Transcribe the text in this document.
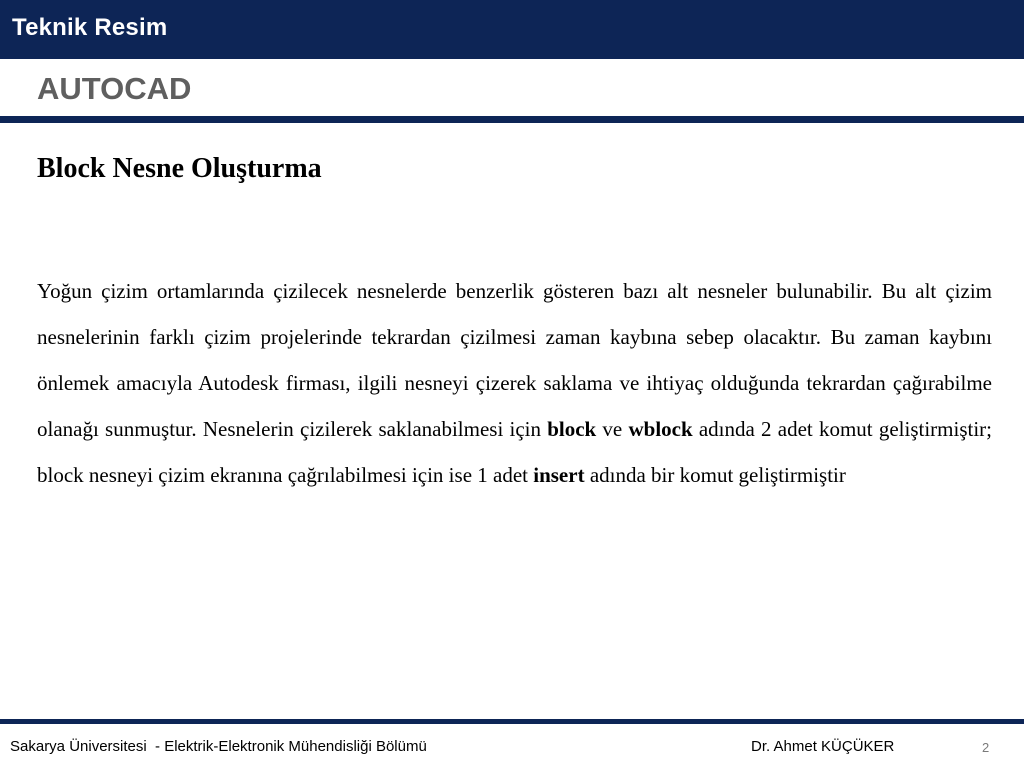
Teknik Resim
AUTOCAD
Block Nesne Oluşturma

Yoğun çizim ortamlarında çizilecek nesnelerde benzerlik gösteren bazı alt nesneler bulunabilir. Bu alt çizim nesnelerinin farklı çizim projelerinde tekrardan çizilmesi zaman kaybına sebep olacaktır. Bu zaman kaybını önlemek amacıyla Autodesk firması, ilgili nesneyi çizerek saklama ve ihtiyaç olduğunda tekrardan çağırabilme olanağı sunmuştur. Nesnelerin çizilerek saklanabilmesi için block ve wblock adında 2 adet komut geliştirmiştir; block nesneyi çizim ekranına çağrılabilmesi için ise 1 adet insert adında bir komut geliştirmiştir

Sakarya Üniversitesi  - Elektrik-Elektronik Mühendisliği Bölümü	Dr. Ahmet KÜÇÜKER	2
